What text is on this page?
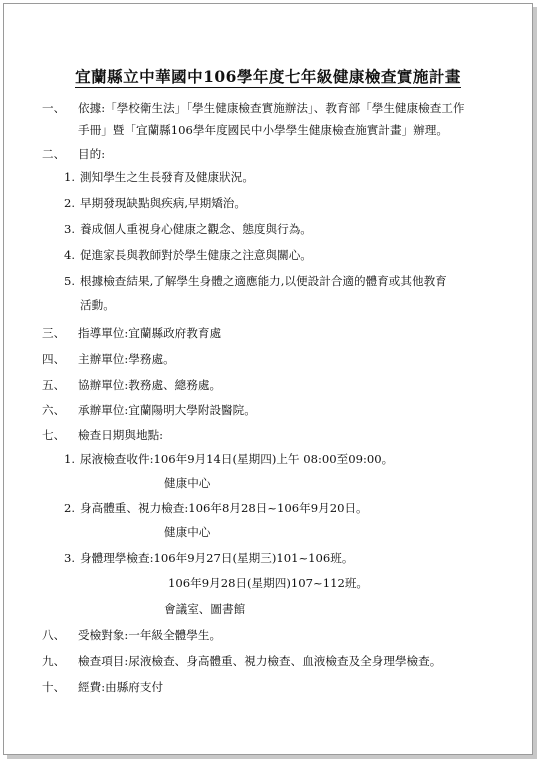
宜蘭縣立中華國中106學年度七年級健康檢查實施計畫
一、 依據:「學校衛生法」「學生健康檢查實施辦法」、教育部「學生健康檢查工作
手冊」暨「宜蘭縣106學年度國民中小學學生健康檢查施實計畫」辦理。
二、 目的:
1. 測知學生之生長發育及健康狀況。
2. 早期發現缺點與疾病,早期矯治。
3. 養成個人重視身心健康之觀念、態度與行為。
4. 促進家長與教師對於學生健康之注意與關心。
5. 根據檢查結果,了解學生身體之適應能力,以便設計合適的體育或其他教育
活動。
三、 指導單位:宜蘭縣政府教育處
四、 主辦單位:學務處。
五、 協辦單位:教務處、總務處。
六、 承辦單位:宜蘭陽明大學附設醫院。
七、 檢查日期與地點:
1. 尿液檢查收件:106年9月14日(星期四)上午 08:00至09:00。
健康中心
2. 身高體重、視力檢查:106年8月28日~106年9月20日。
健康中心
3. 身體理學檢查:106年9月27日(星期三)101~106班。
106年9月28日(星期四)107~112班。
會議室、圖書館
八、 受檢對象:一年級全體學生。
九、 檢查項目:尿液檢查、身高體重、視力檢查、血液檢查及全身理學檢查。
十、 經費:由縣府支付
